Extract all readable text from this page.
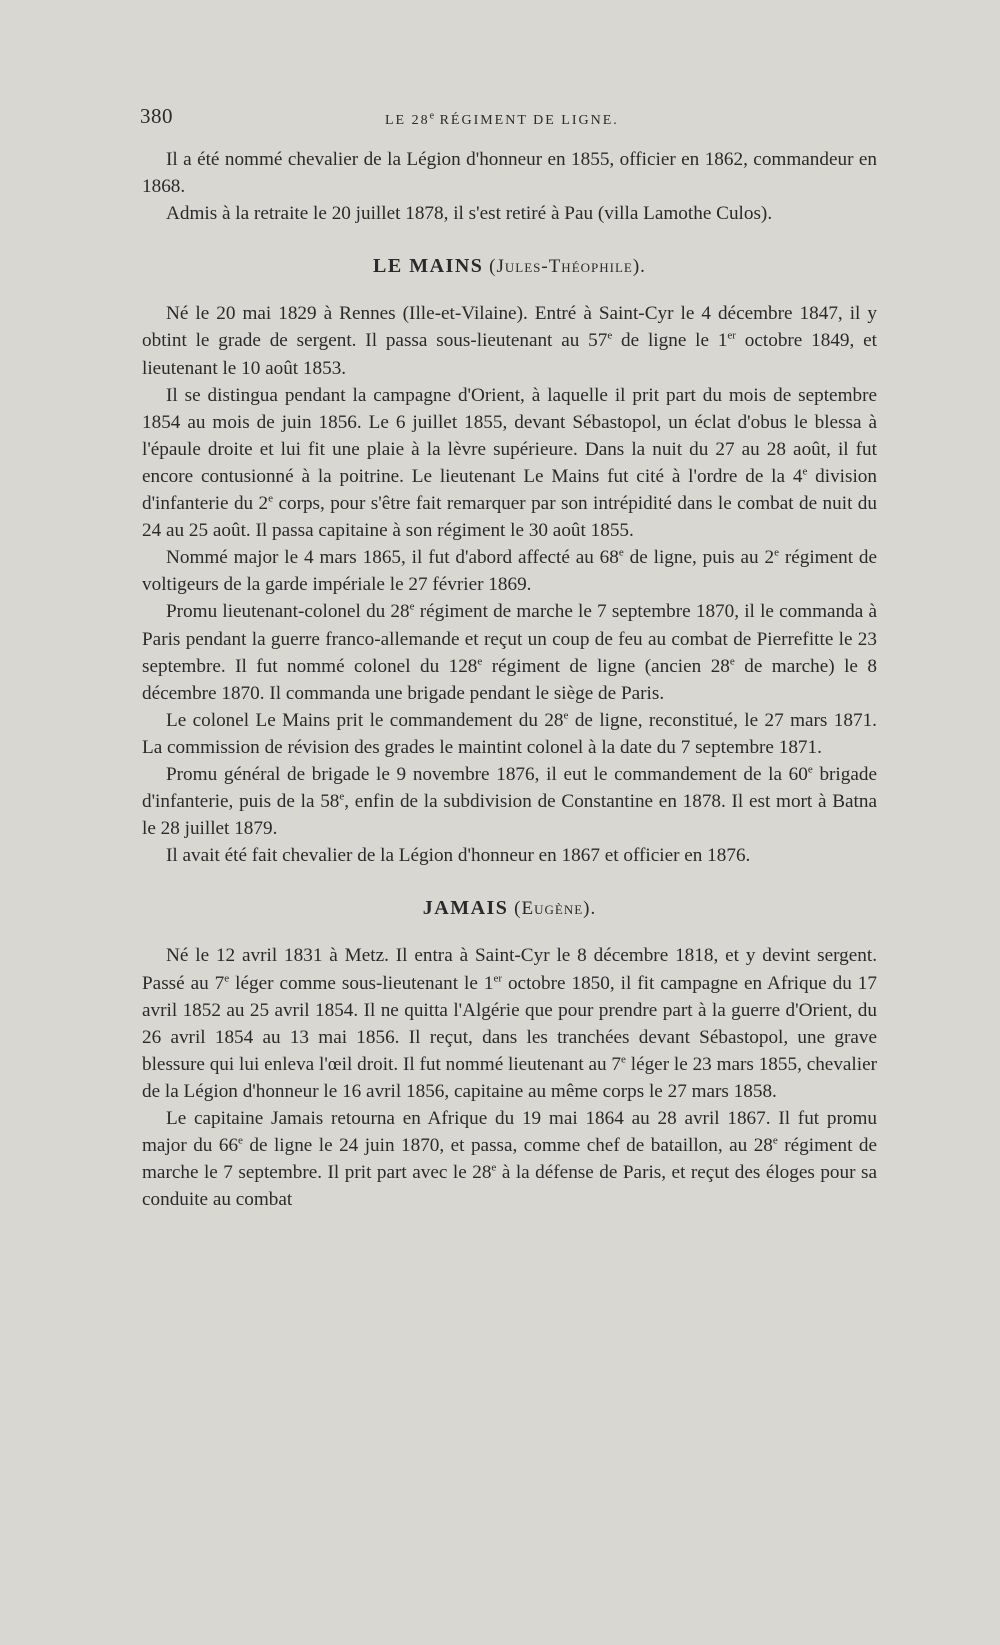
380	LE 28e RÉGIMENT DE LIGNE.

Il a été nommé chevalier de la Légion d'honneur en 1855, officier en 1862, commandeur en 1868.

Admis à la retraite le 20 juillet 1878, il s'est retiré à Pau (villa Lamothe Culos).

LE MAINS (Jules-Théophile).

Né le 20 mai 1829 à Rennes (Ille-et-Vilaine). Entré à Saint-Cyr le 4 décembre 1847, il y obtint le grade de sergent. Il passa sous-lieutenant au 57e de ligne le 1er octobre 1849, et lieutenant le 10 août 1853.

Il se distingua pendant la campagne d'Orient, à laquelle il prit part du mois de septembre 1854 au mois de juin 1856. Le 6 juillet 1855, devant Sébastopol, un éclat d'obus le blessa à l'épaule droite et lui fit une plaie à la lèvre supérieure. Dans la nuit du 27 au 28 août, il fut encore contusionné à la poitrine. Le lieutenant Le Mains fut cité à l'ordre de la 4e division d'infanterie du 2e corps, pour s'être fait remarquer par son intrépidité dans le combat de nuit du 24 au 25 août. Il passa capitaine à son régiment le 30 août 1855.

Nommé major le 4 mars 1865, il fut d'abord affecté au 68e de ligne, puis au 2e régiment de voltigeurs de la garde impériale le 27 février 1869.

Promu lieutenant-colonel du 28e régiment de marche le 7 septembre 1870, il le commanda à Paris pendant la guerre franco-allemande et reçut un coup de feu au combat de Pierrefitte le 23 septembre. Il fut nommé colonel du 128e régiment de ligne (ancien 28e de marche) le 8 décembre 1870. Il commanda une brigade pendant le siège de Paris.

Le colonel Le Mains prit le commandement du 28e de ligne, reconstitué, le 27 mars 1871. La commission de révision des grades le maintint colonel à la date du 7 septembre 1871.

Promu général de brigade le 9 novembre 1876, il eut le commandement de la 60e brigade d'infanterie, puis de la 58e, enfin de la subdivision de Constantine en 1878. Il est mort à Batna le 28 juillet 1879.

Il avait été fait chevalier de la Légion d'honneur en 1867 et officier en 1876.

JAMAIS (Eugène).

Né le 12 avril 1831 à Metz. Il entra à Saint-Cyr le 8 décembre 1818, et y devint sergent. Passé au 7e léger comme sous-lieutenant le 1er octobre 1850, il fit campagne en Afrique du 17 avril 1852 au 25 avril 1854. Il ne quitta l'Algérie que pour prendre part à la guerre d'Orient, du 26 avril 1854 au 13 mai 1856. Il reçut, dans les tranchées devant Sébastopol, une grave blessure qui lui enleva l'œil droit. Il fut nommé lieutenant au 7e léger le 23 mars 1855, chevalier de la Légion d'honneur le 16 avril 1856, capitaine au même corps le 27 mars 1858.

Le capitaine Jamais retourna en Afrique du 19 mai 1864 au 28 avril 1867. Il fut promu major du 66e de ligne le 24 juin 1870, et passa, comme chef de bataillon, au 28e régiment de marche le 7 septembre. Il prit part avec le 28e à la défense de Paris, et reçut des éloges pour sa conduite au combat
